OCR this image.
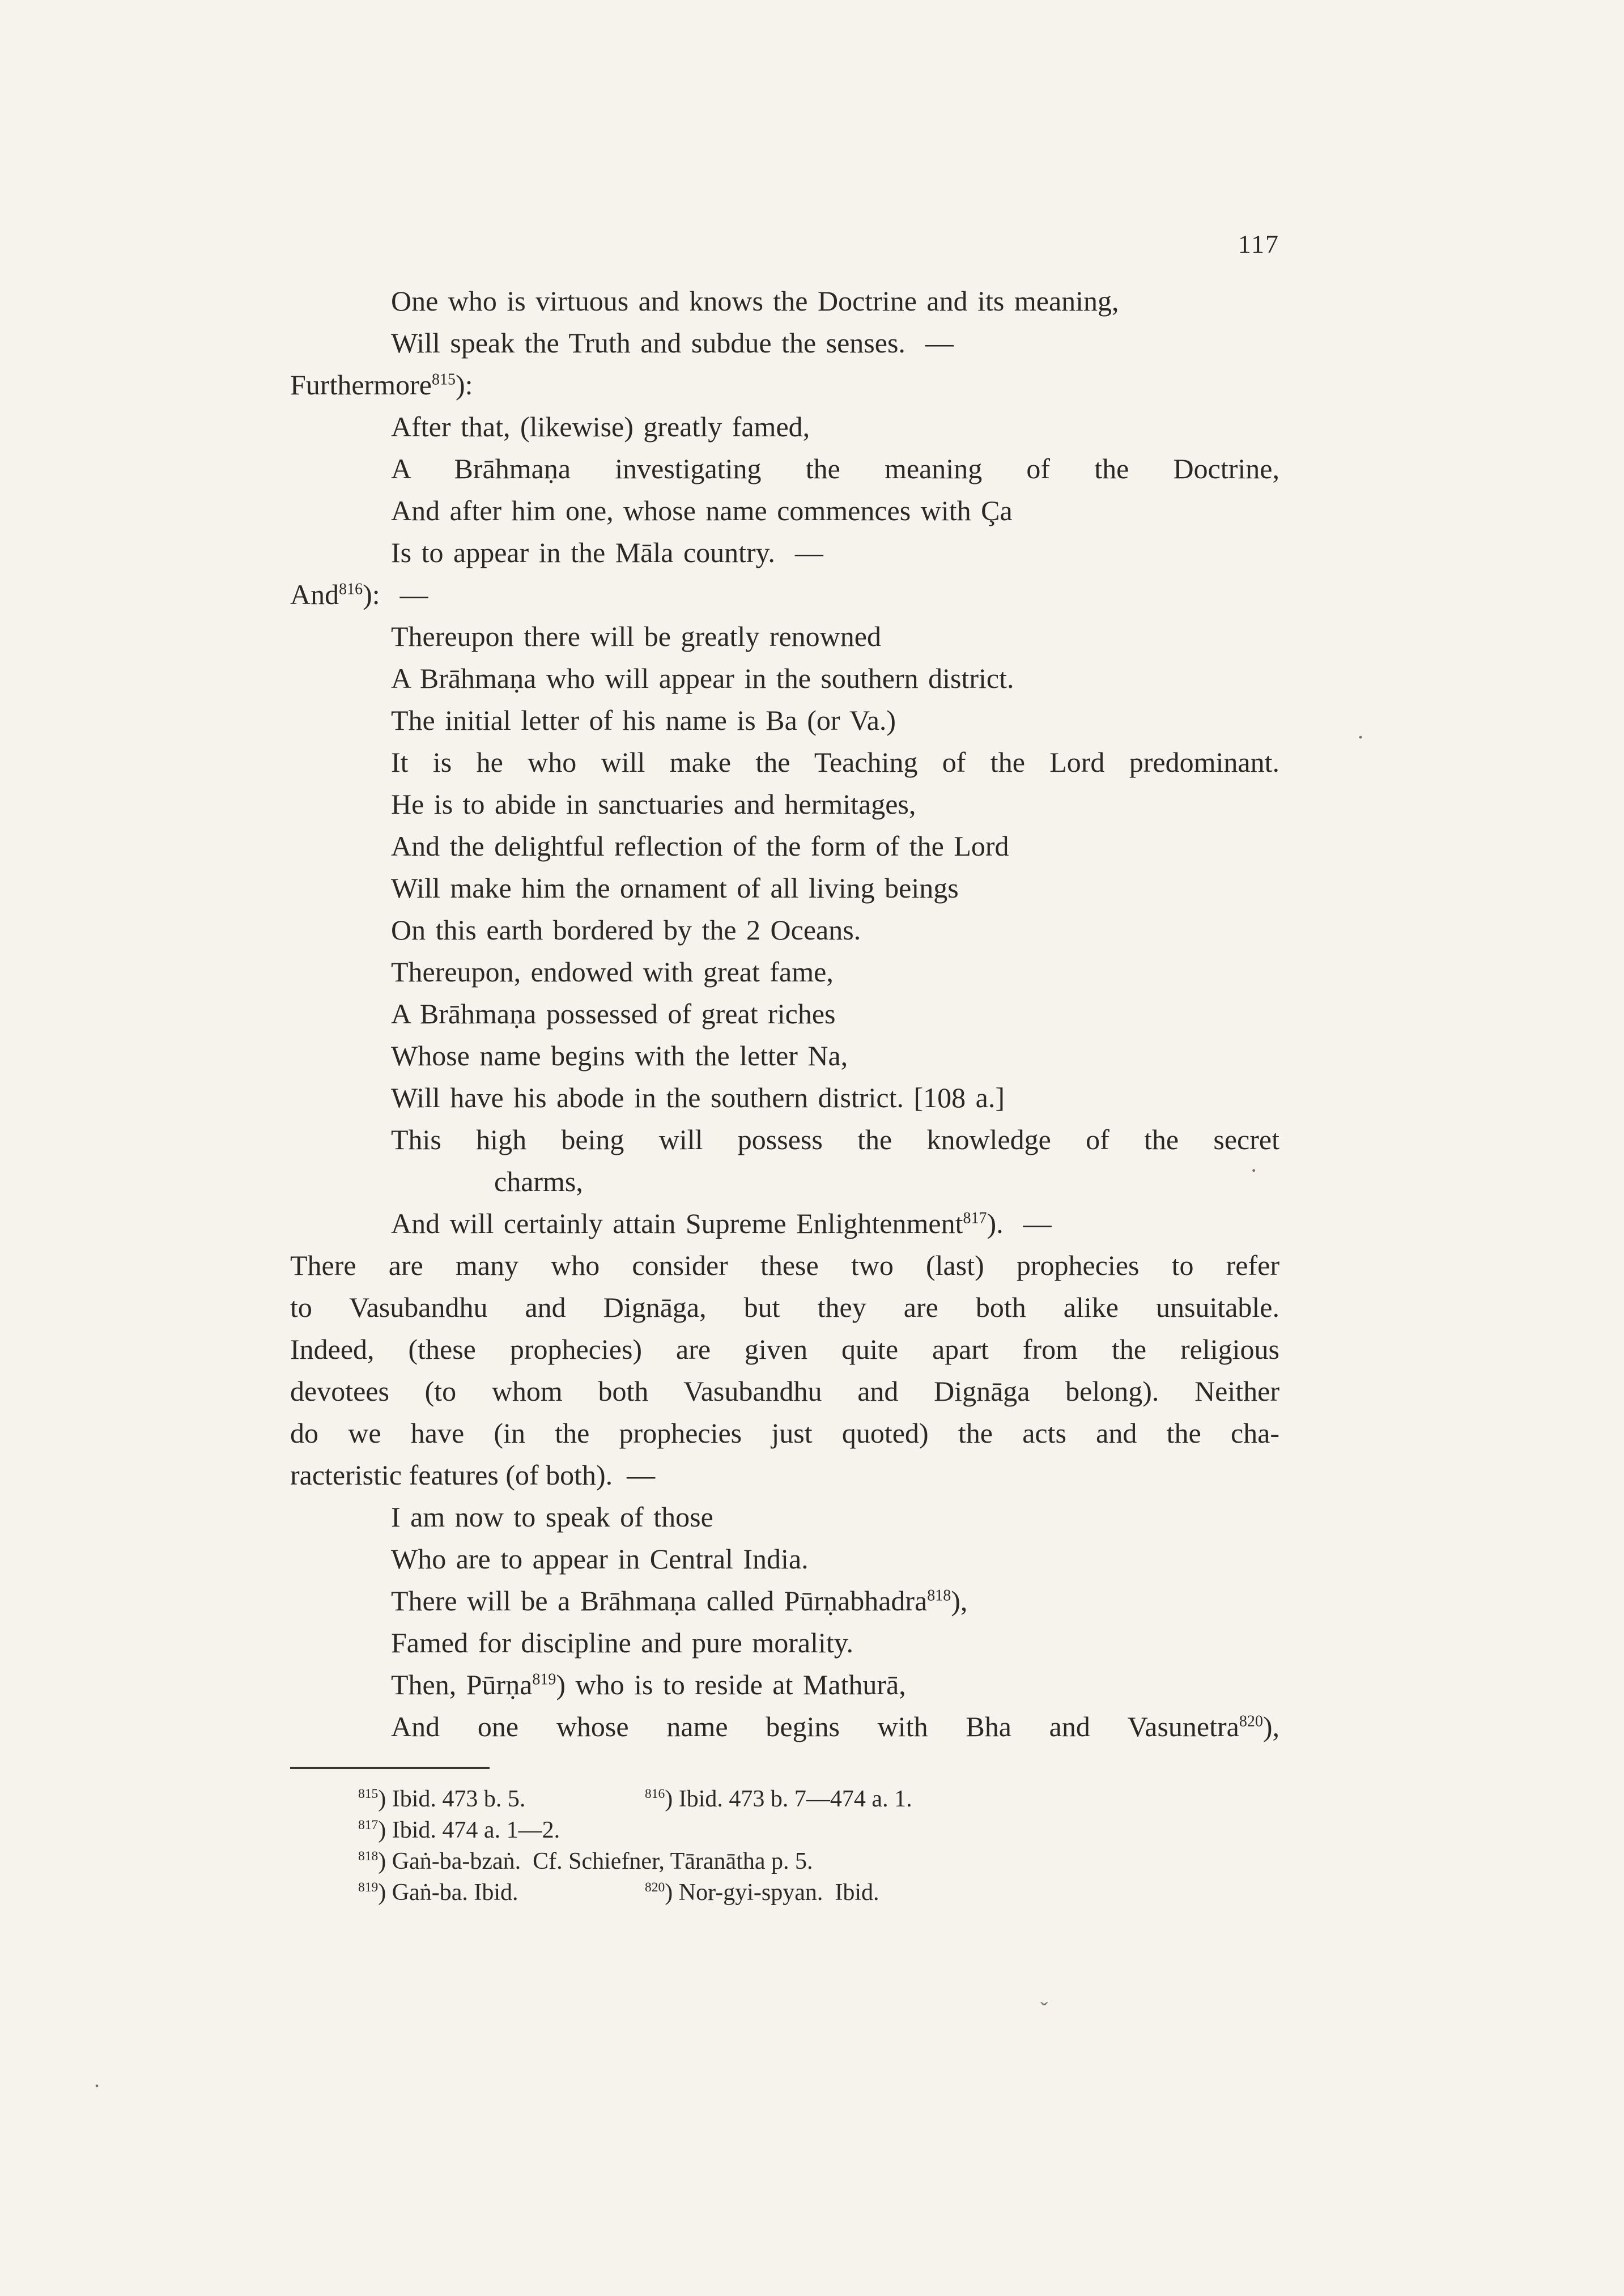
117
One who is virtuous and knows the Doctrine and its meaning,
Will speak the Truth and subdue the senses.  —
Furthermore$^{815}$):
After that, (likewise) greatly famed,
A Brāhmaṇa investigating the meaning of the Doctrine,
And after him one, whose name commences with Ça
Is to appear in the Māla country.  —
And$^{816}$):  —
Thereupon there will be greatly renowned
A Brāhmaṇa who will appear in the southern district.
The initial letter of his name is Ba (or Va.)
It is he who will make the Teaching of the Lord predominant.
He is to abide in sanctuaries and hermitages,
And the delightful reflection of the form of the Lord
Will make him the ornament of all living beings
On this earth bordered by the 2 Oceans.
Thereupon, endowed with great fame,
A Brāhmaṇa possessed of great riches
Whose name begins with the letter Na,
Will have his abode in the southern district. [108 a.]
This high being will possess the knowledge of the secret
charms,
And will certainly attain Supreme Enlightenment$^{817}$).  —
There are many who consider these two (last) prophecies to refer
to Vasubandhu and Dignāga, but they are both alike unsuitable.
Indeed, (these prophecies) are given quite apart from the religious
devotees (to whom both Vasubandhu and Dignāga belong). Neither
do we have (in the prophecies just quoted) the acts and the cha-
racteristic features (of both).  —
I am now to speak of those
Who are to appear in Central India.
There will be a Brāhmaṇa called Pūrṇabhadra$^{818}$),
Famed for discipline and pure morality.
Then, Pūrṇa$^{819}$) who is to reside at Mathurā,
And one whose name begins with Bha and Vasunetra$^{820}$),
$^{815}$) Ibid. 473 b. 5.	$^{816}$) Ibid. 473 b. 7—474 a. 1.
$^{817}$) Ibid. 474 a. 1—2.
$^{818}$) Gaṅ-ba-bzaṅ.  Cf. Schiefner, Tāranātha p. 5.
$^{819}$) Gaṅ-ba. Ibid.	$^{820}$) Nor-gyi-spyan.  Ibid.
.
·
ˇ
.
